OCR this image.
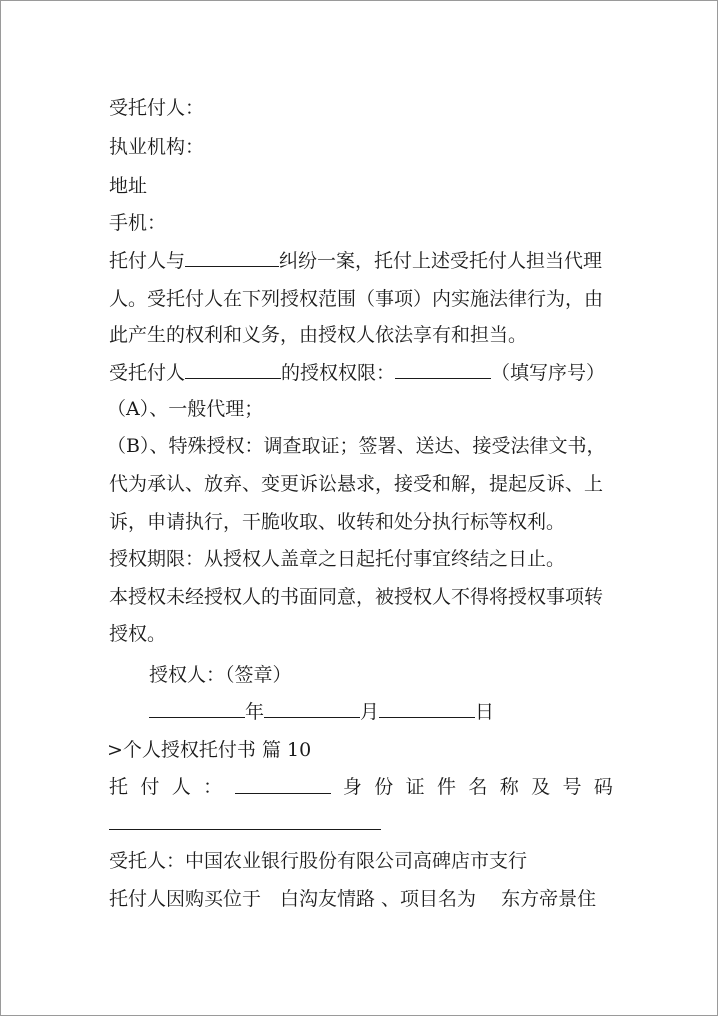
受托付人：
执业机构：
地址
手机：
托付人与	纠纷一案，托付上述受托付人担当代理
人。受托付人在下列授权范围（事项）内实施法律行为，由
此产生的权利和义务，由授权人依法享有和担当。
受托付人	的授权权限：	（填写序号）
（A）、一般代理；
（B）、特殊授权：调查取证；签署、送达、接受法律文书，
代为承认、放弃、变更诉讼悬求，接受和解，提起反诉、上
诉，申请执行，干脆收取、收转和处分执行标等权利。
授权期限：从授权人盖章之日起托付事宜终结之日止。
本授权未经授权人的书面同意，被授权人不得将授权事项转
授权。
授权人：（签章）
年	月	日
>个人授权托付书 篇 10
托 付 人 ：	身 份 证 件 名 称 及 号 码
受托人：中国农业银行股份有限公司高碑店市支行
托付人因购买位于　白沟友情路 、项目名为　 东方帝景住
